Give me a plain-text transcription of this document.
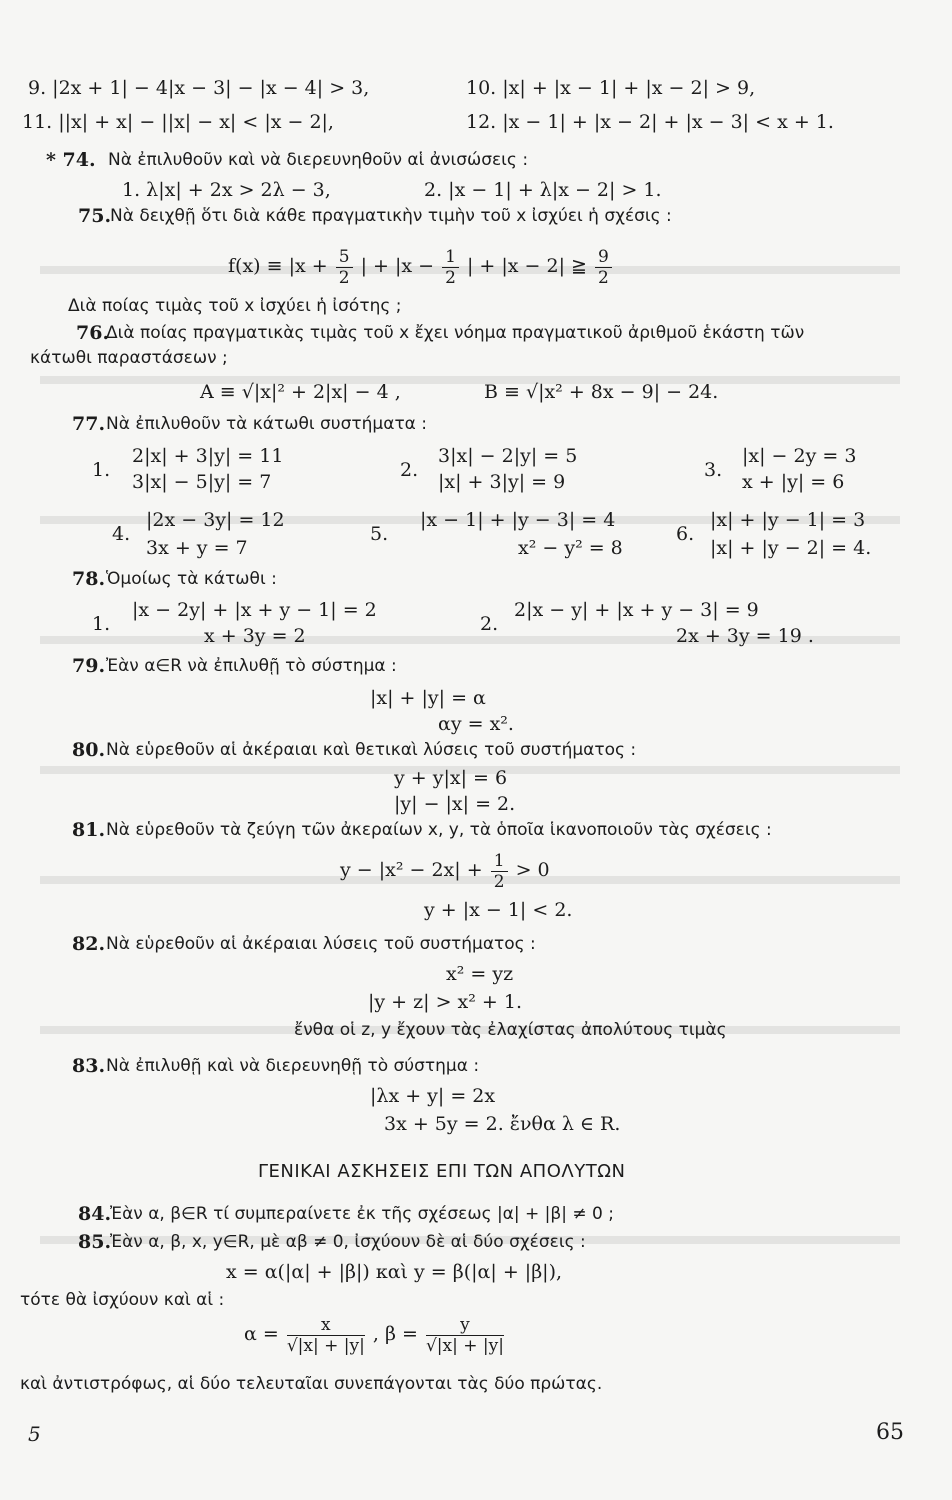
9. |2x + 1| − 4|x − 3| − |x − 4| > 3,	10. |x| + |x − 1| + |x − 2| > 9,
11. ||x| + x| − ||x| − x| < |x − 2|,	12. |x − 1| + |x − 2| + |x − 3| < x + 1.
* 74. Νὰ ἐπιλυθοῦν καὶ νὰ διερευνηθοῦν αἱ ἀνισώσεις :
1. λ|x| + 2x > 2λ − 3,	2. |x − 1| + λ|x − 2| > 1.
75.
Νὰ δειχθῇ ὅτι διὰ κάθε πραγματικὴν τιμὴν τοῦ x ἰσχύει ἡ σχέσις :
$f(x) \equiv |x + \frac{5}{2}$ | + $|x - \frac{1}{2}$ | + |x − 2| ≧ $\frac{9}{2}$
Διὰ ποίας τιμὰς τοῦ x ἰσχύει ἡ ἰσότης ;
76.
Διὰ ποίας πραγματικὰς τιμὰς τοῦ x ἔχει νόημα πραγματικοῦ ἀριθμοῦ ἑκάστη τῶν
κάτωθι παραστάσεων ;
A ≡ √|x|² + 2|x| − 4 ,	B ≡ √|x² + 8x − 9| − 24.
77. Νὰ ἐπιλυθοῦν τὰ κάτωθι συστήματα :
1.
2|x| + 3|y| = 11
3|x| − 5|y| = 7
2.
3|x| − 2|y| = 5
|x| + 3|y| = 9
3.
|x| − 2y = 3
x + |y| = 6
4.
|2x − 3y| = 12
3x + y = 7
5.
|x − 1| + |y − 3| = 4
x² − y² = 8
6.
|x| + |y − 1| = 3
|x| + |y − 2| = 4.
78. Ὁμοίως τὰ κάτωθι :
1.
|x − 2y| + |x + y − 1| = 2
x + 3y = 2
2.
2|x − y| + |x + y − 3| = 9
2x + 3y = 19 .
79. Ἐὰν α∈R νὰ ἐπιλυθῇ τὸ σύστημα :
|x| + |y| = α
αy = x².
80. Νὰ εὑρεθοῦν αἱ ἀκέραιαι καὶ θετικαὶ λύσεις τοῦ συστήματος :
y + y|x| = 6
|y| − |x| = 2.
81. Νὰ εὑρεθοῦν τὰ ζεύγη τῶν ἀκεραίων x, y, τὰ ὁποῖα ἱκανοποιοῦν τὰς σχέσεις :
$y - |x^2 - 2x| + \frac{1}{2} > 0$
y + |x − 1| < 2.
82. Νὰ εὑρεθοῦν αἱ ἀκέραιαι λύσεις τοῦ συστήματος :
x² = yz
|y + z| > x² + 1.
ἔνθα οἱ z, y ἔχουν τὰς ἐλαχίστας ἀπολύτους τιμὰς
83. Νὰ ἐπιλυθῇ καὶ νὰ διερευνηθῇ τὸ σύστημα :
|λx + y| = 2x
3x + 5y = 2. ἔνθα λ ∈ R.
ΓΕΝΙΚΑΙ ΑΣΚΗΣΕΙΣ ΕΠΙ ΤΩΝ ΑΠΟΛΥΤΩΝ
84.
Ἐὰν α, β∈R τί συμπεραίνετε ἐκ τῆς σχέσεως |α| + |β| ≠ 0 ;
85.
Ἐὰν α, β, x, y∈R, μὲ αβ ≠ 0, ἰσχύουν δὲ αἱ δύο σχέσεις :
x = α(|α| + |β|) καὶ y = β(|α| + |β|),
τότε θὰ ἰσχύουν καὶ αἱ :
$\alpha = \frac{x}{√|x| + |y|}$ , $\beta = \frac{y}{√|x| + |y|}$
καὶ ἀντιστρόφως, αἱ δύο τελευταῖαι συνεπάγονται τὰς δύο πρώτας.
5	65
